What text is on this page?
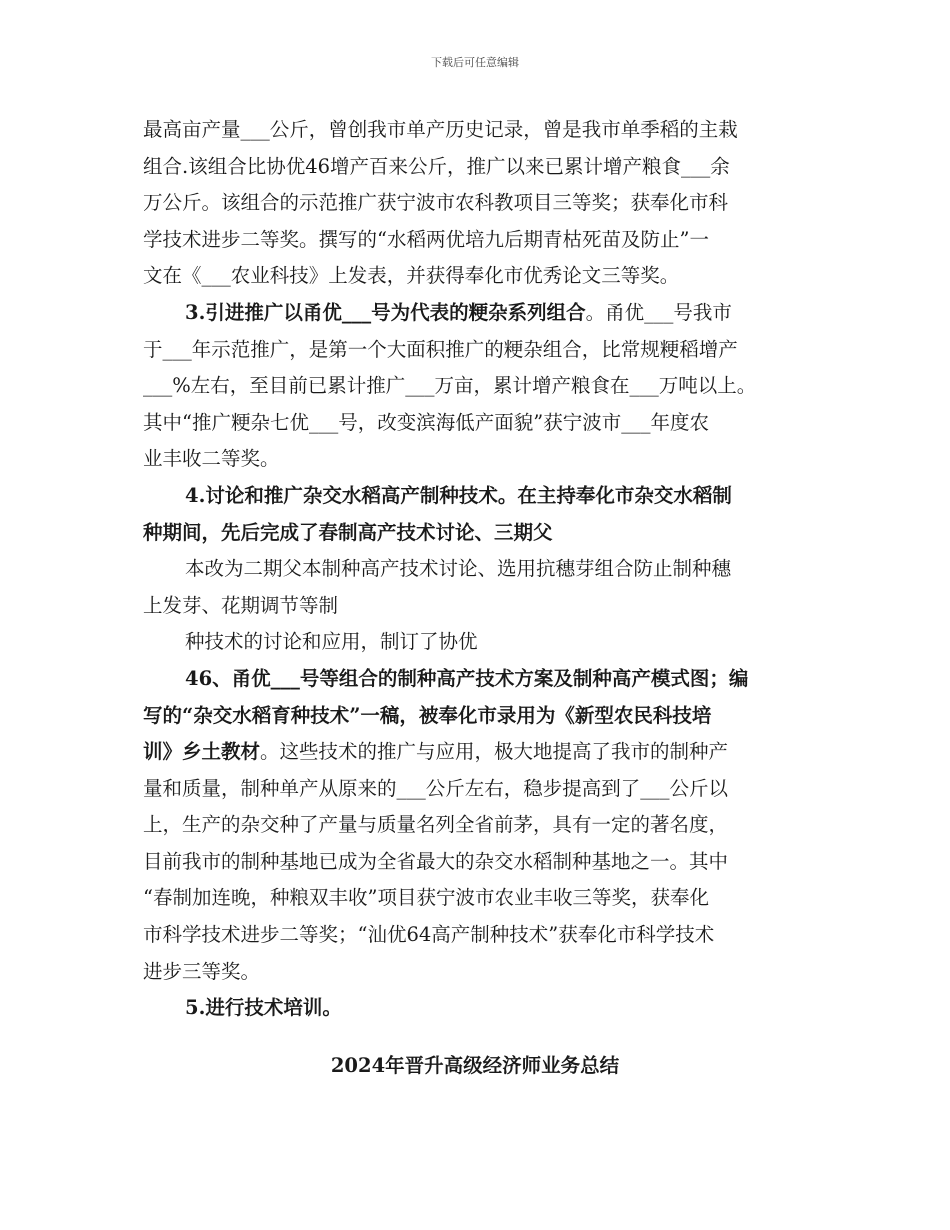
下载后可任意编辑
最高亩产量___公斤，曾创我市单产历史记录，曾是我市单季稻的主栽
组合.该组合比协优46增产百来公斤，推广以来已累计增产粮食___余
万公斤。该组合的示范推广获宁波市农科教项目三等奖；获奉化市科
学技术进步二等奖。撰写的“水稻两优培九后期青枯死苗及防止”一
文在《___农业科技》上发表，并获得奉化市优秀论文三等奖。
3.引进推广以甬优___号为代表的粳杂系列组合。甬优___号我市
于___年示范推广，是第一个大面积推广的粳杂组合，比常规粳稻增产
___%左右，至目前已累计推广___万亩，累计增产粮食在___万吨以上。
其中“推广粳杂七优___号，改变滨海低产面貌”获宁波市___年度农
业丰收二等奖。
4.讨论和推广杂交水稻高产制种技术。在主持奉化市杂交水稻制
种期间，先后完成了春制高产技术讨论、三期父
本改为二期父本制种高产技术讨论、选用抗穗芽组合防止制种穗
上发芽、花期调节等制
种技术的讨论和应用，制订了协优
46、甬优___号等组合的制种高产技术方案及制种高产模式图；编
写的“杂交水稻育种技术”一稿，被奉化市录用为《新型农民科技培
训》乡土教材。这些技术的推广与应用，极大地提高了我市的制种产
量和质量，制种单产从原来的___公斤左右，稳步提高到了___公斤以
上，生产的杂交种了产量与质量名列全省前茅，具有一定的著名度，
目前我市的制种基地已成为全省最大的杂交水稻制种基地之一。其中
“春制加连晚，种粮双丰收”项目获宁波市农业丰收三等奖，获奉化
市科学技术进步二等奖；“汕优64高产制种技术”获奉化市科学技术
进步三等奖。
5.进行技术培训。
2024年晋升高级经济师业务总结
